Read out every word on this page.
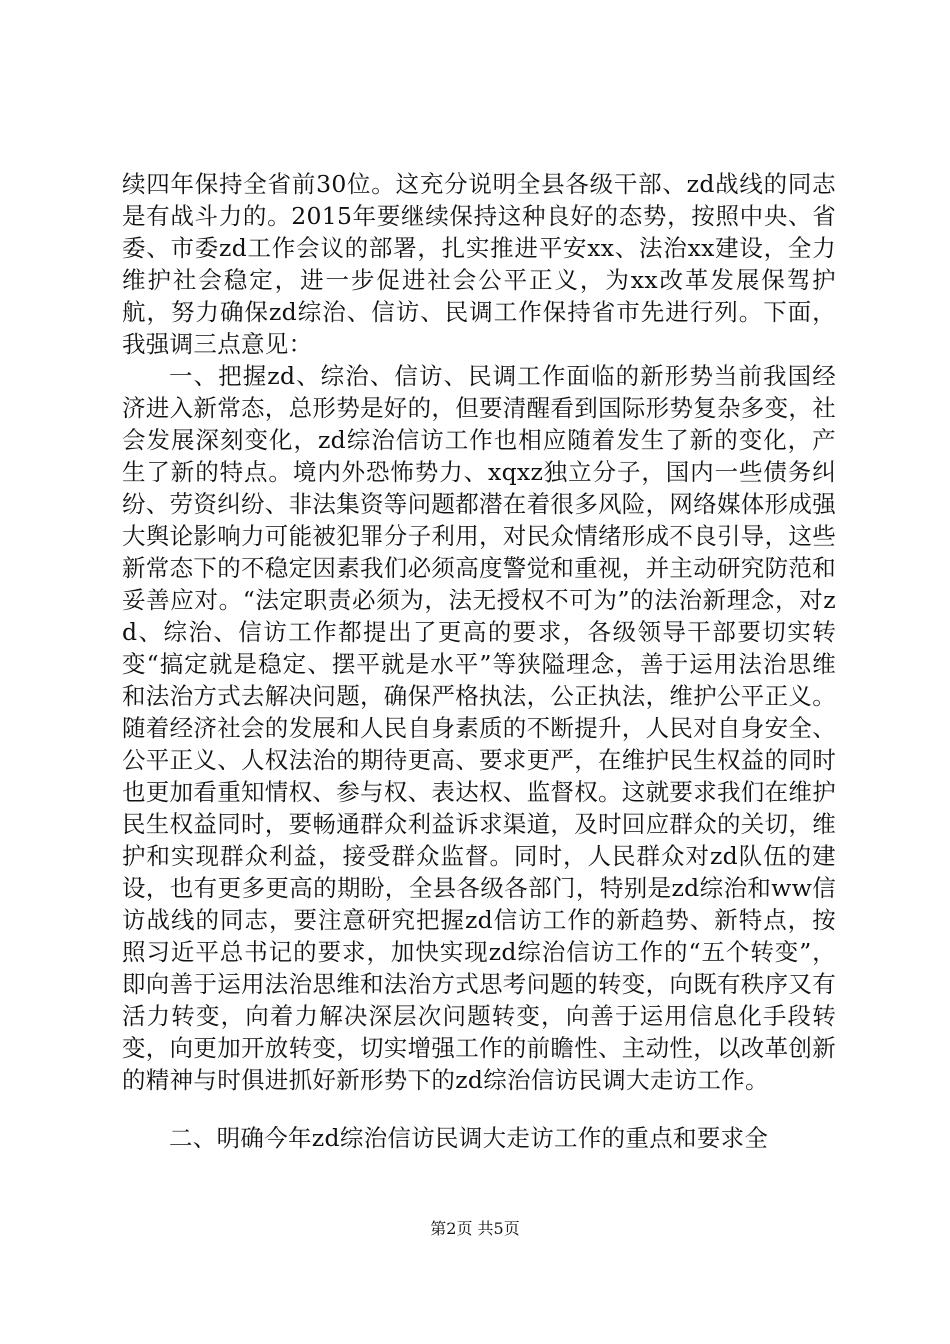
续四年保持全省前30位。这充分说明全县各级干部、zd战线的同志是有战斗力的。2015年要继续保持这种良好的态势，按照中央、省委、市委zd工作会议的部署，扎实推进平安xx、法治xx建设，全力维护社会稳定，进一步促进社会公平正义，为xx改革发展保驾护航，努力确保zd综治、信访、民调工作保持省市先进行列。下面，我强调三点意见：

一、把握zd、综治、信访、民调工作面临的新形势当前我国经济进入新常态，总形势是好的，但要清醒看到国际形势复杂多变，社会发展深刻变化，zd综治信访工作也相应随着发生了新的变化，产生了新的特点。境内外恐怖势力、xqxz独立分子，国内一些债务纠纷、劳资纠纷、非法集资等问题都潜在着很多风险，网络媒体形成强大舆论影响力可能被犯罪分子利用，对民众情绪形成不良引导，这些新常态下的不稳定因素我们必须高度警觉和重视，并主动研究防范和妥善应对。“法定职责必须为，法无授权不可为”的法治新理念，对zd、综治、信访工作都提出了更高的要求，各级领导干部要切实转变“搞定就是稳定、摆平就是水平”等狭隘理念，善于运用法治思维和法治方式去解决问题，确保严格执法，公正执法，维护公平正义。随着经济社会的发展和人民自身素质的不断提升，人民对自身安全、公平正义、人权法治的期待更高、要求更严，在维护民生权益的同时也更加看重知情权、参与权、表达权、监督权。这就要求我们在维护民生权益同时，要畅通群众利益诉求渠道，及时回应群众的关切，维护和实现群众利益，接受群众监督。同时，人民群众对zd队伍的建设，也有更多更高的期盼，全县各级各部门，特别是zd综治和ww信访战线的同志，要注意研究把握zd信访工作的新趋势、新特点，按照习近平总书记的要求，加快实现zd综治信访工作的“五个转变”，即向善于运用法治思维和法治方式思考问题的转变，向既有秩序又有活力转变，向着力解决深层次问题转变，向善于运用信息化手段转变，向更加开放转变，切实增强工作的前瞻性、主动性，以改革创新的精神与时俱进抓好新形势下的zd综治信访民调大走访工作。

二、明确今年zd综治信访民调大走访工作的重点和要求全

第2页 共5页
